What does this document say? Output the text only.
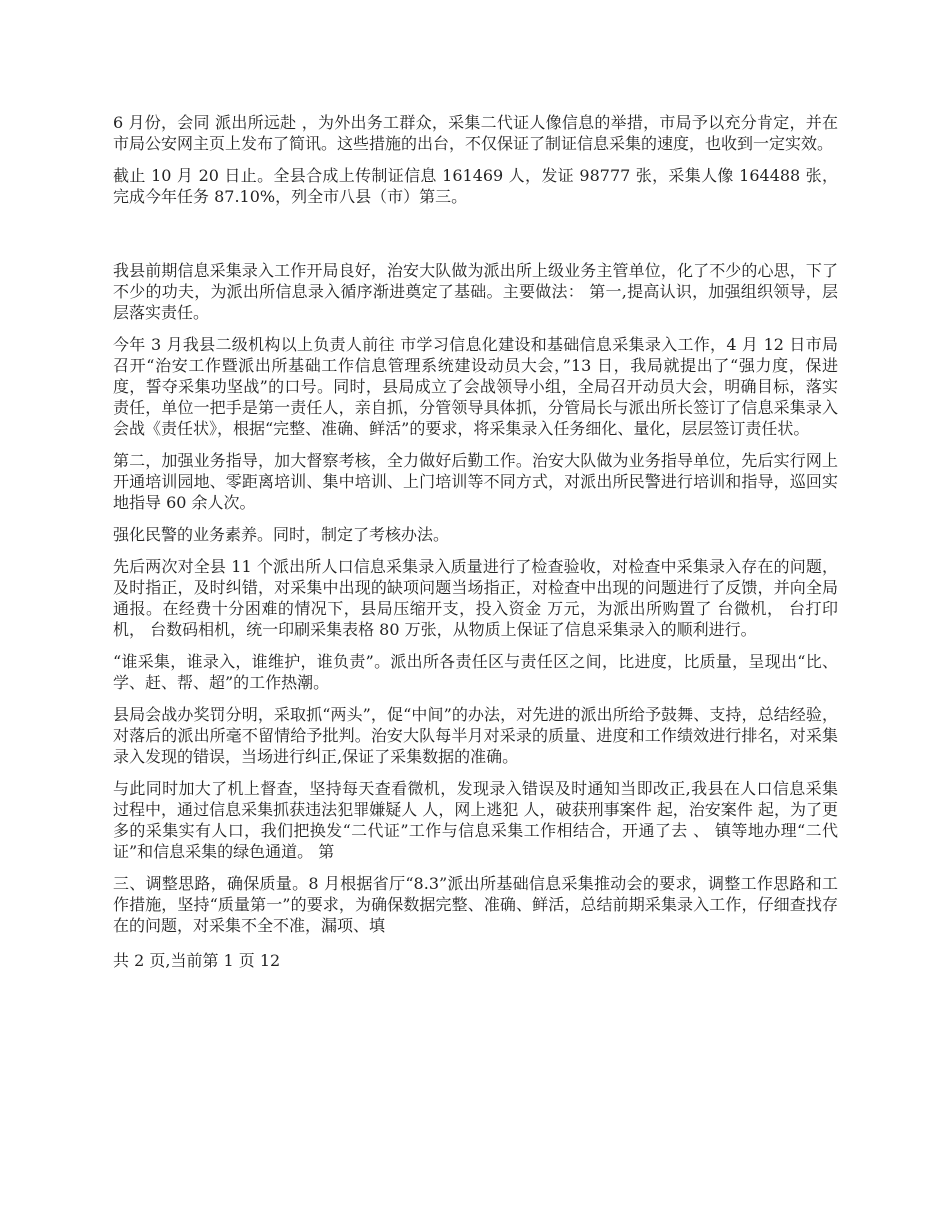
6 月份，会同 派出所远赴 ，为外出务工群众，采集二代证人像信息的举措，市局予以充分肯定，并在市局公安网主页上发布了简讯。这些措施的出台，不仅保证了制证信息采集的速度，也收到一定实效。

截止 10 月 20 日止。全县合成上传制证信息 161469 人，发证 98777 张，采集人像 164488 张，完成今年任务 87.10%，列全市八县（市）第三。

我县前期信息采集录入工作开局良好，治安大队做为派出所上级业务主管单位，化了不少的心思，下了不少的功夫，为派出所信息录入循序渐进奠定了基础。主要做法： 第一,提高认识，加强组织领导，层层落实责任。

今年 3 月我县二级机构以上负责人前往 市学习信息化建设和基础信息采集录入工作，4 月 12 日市局召开“治安工作暨派出所基础工作信息管理系统建设动员大会，”13 日，我局就提出了“强力度，保进度，誓夺采集功坚战”的口号。同时，县局成立了会战领导小组，全局召开动员大会，明确目标，落实责任，单位一把手是第一责任人，亲自抓，分管领导具体抓，分管局长与派出所长签订了信息采集录入会战《责任状》，根据“完整、准确、鲜活”的要求，将采集录入任务细化、量化，层层签订责任状。

第二，加强业务指导，加大督察考核，全力做好后勤工作。治安大队做为业务指导单位，先后实行网上开通培训园地、零距离培训、集中培训、上门培训等不同方式，对派出所民警进行培训和指导，巡回实地指导 60 余人次。

强化民警的业务素养。同时，制定了考核办法。

先后两次对全县 11 个派出所人口信息采集录入质量进行了检查验收，对检查中采集录入存在的问题， 及时指正，及时纠错，对采集中出现的缺项问题当场指正，对检查中出现的问题进行了反馈，并向全局通报。在经费十分困难的情况下，县局压缩开支，投入资金 万元，为派出所购置了 台微机， 台打印机， 台数码相机，统一印刷采集表格 80 万张，从物质上保证了信息采集录入的顺利进行。

“谁采集，谁录入，谁维护，谁负责”。派出所各责任区与责任区之间，比进度，比质量，呈现出“比、学、赶、帮、超”的工作热潮。

县局会战办奖罚分明，采取抓“两头”，促“中间”的办法，对先进的派出所给予鼓舞、支持，总结经验，对落后的派出所毫不留情给予批判。治安大队每半月对采录的质量、进度和工作绩效进行排名，对采集录入发现的错误，当场进行纠正,保证了采集数据的准确。

与此同时加大了机上督查，坚持每天查看微机，发现录入错误及时通知当即改正,我县在人口信息采集过程中，通过信息采集抓获违法犯罪嫌疑人 人，网上逃犯 人，破获刑事案件 起，治安案件 起，为了更多的采集实有人口，我们把换发“二代证”工作与信息采集工作相结合，开通了去 、 镇等地办理“二代证”和信息采集的绿色通道。 第

三、调整思路，确保质量。8 月根据省厅“8.3”派出所基础信息采集推动会的要求，调整工作思路和工作措施，坚持“质量第一”的要求，为确保数据完整、准确、鲜活，总结前期采集录入工作，仔细查找存在的问题，对采集不全不准，漏项、填

共 2 页,当前第 1 页 12
